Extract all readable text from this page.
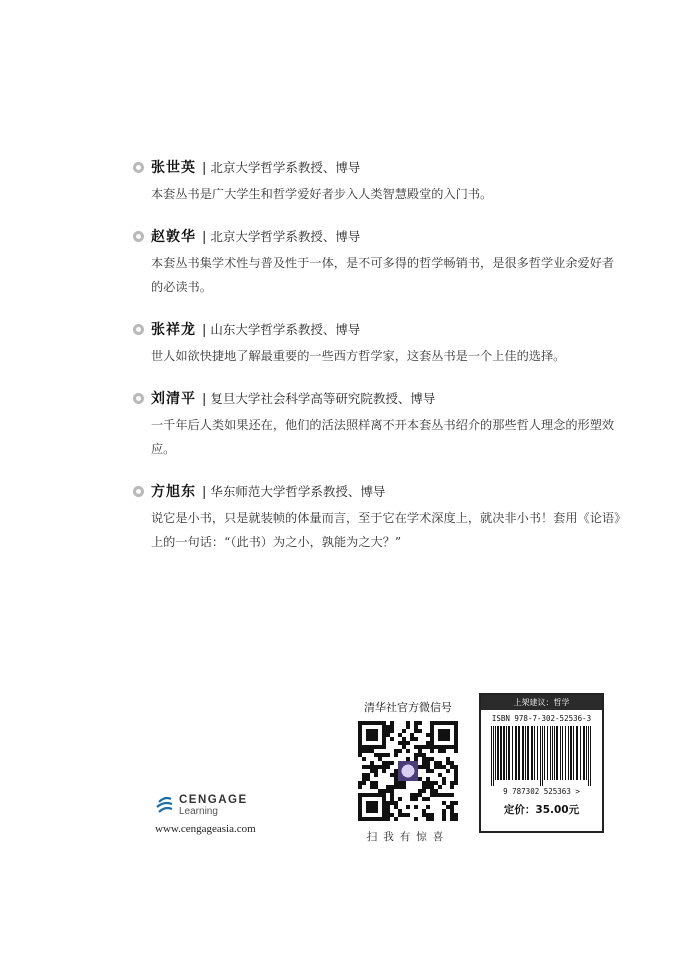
张世英 | 北京大学哲学系教授、博导
本套丛书是广大学生和哲学爱好者步入人类智慧殿堂的入门书。
赵敦华 | 北京大学哲学系教授、博导
本套丛书集学术性与普及性于一体，是不可多得的哲学畅销书，是很多哲学业余爱好者的必读书。
张祥龙 | 山东大学哲学系教授、博导
世人如欲快捷地了解最重要的一些西方哲学家，这套丛书是一个上佳的选择。
刘清平 | 复旦大学社会科学高等研究院教授、博导
一千年后人类如果还在，他们的活法照样离不开本套丛书绍介的那些哲人理念的形塑效应。
方旭东 | 华东师范大学哲学系教授、博导
说它是小书，只是就装帧的体量而言，至于它在学术深度上，就决非小书！套用《论语》上的一句话：“（此书）为之小，孰能为之大？”
CENGAGE
Learning
www.cengageasia.com
清华社官方微信号
扫我有惊喜
上架建议：哲学
ISBN 978-7-302-52536-3
9 787302 525363 >
定价：35.00元
